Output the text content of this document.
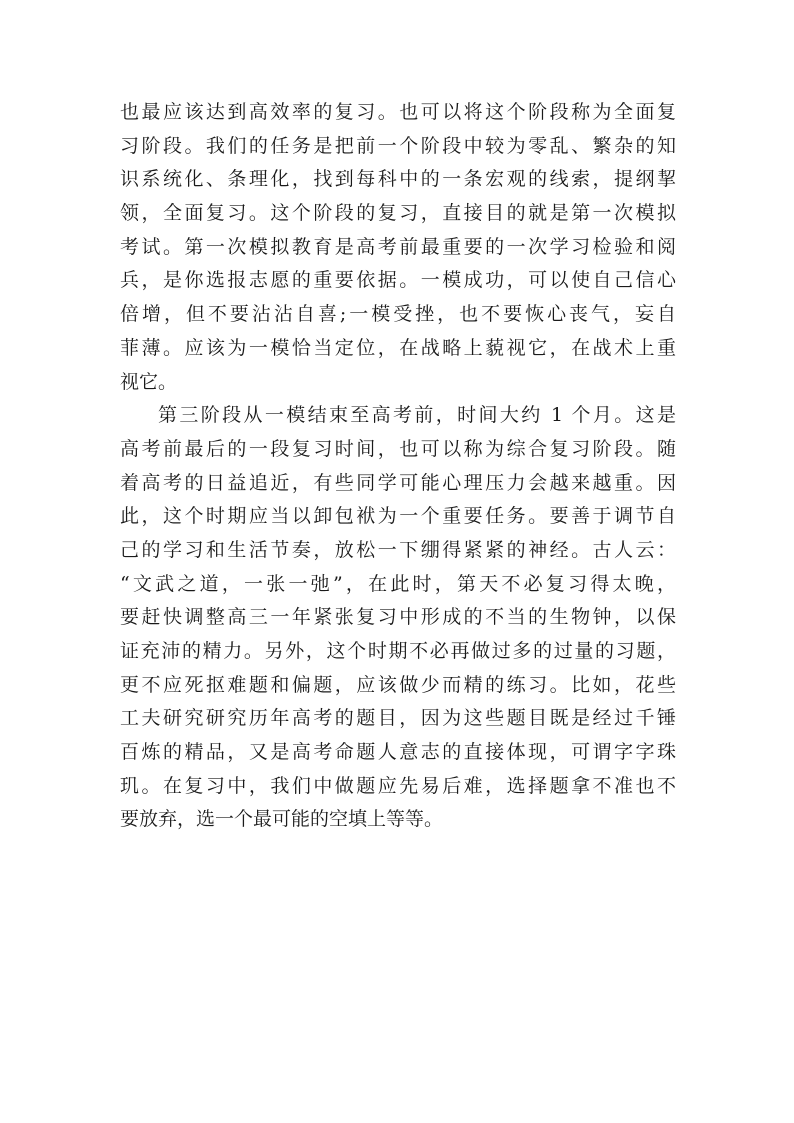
也最应该达到高效率的复习。也可以将这个阶段称为全面复
习阶段。我们的任务是把前一个阶段中较为零乱、繁杂的知
识系统化、条理化，找到每科中的一条宏观的线索，提纲挈
领，全面复习。这个阶段的复习，直接目的就是第一次模拟
考试。第一次模拟教育是高考前最重要的一次学习检验和阅
兵，是你选报志愿的重要依据。一模成功，可以使自己信心
倍增，但不要沾沾自喜;一模受挫，也不要恢心丧气，妄自
菲薄。应该为一模恰当定位，在战略上藐视它，在战术上重
视它。
第三阶段从一模结束至高考前，时间大约 1 个月。这是
高考前最后的一段复习时间，也可以称为综合复习阶段。随
着高考的日益追近，有些同学可能心理压力会越来越重。因
此，这个时期应当以卸包袱为一个重要任务。要善于调节自
己的学习和生活节奏，放松一下绷得紧紧的神经。古人云：
“文武之道，一张一弛”，在此时，第天不必复习得太晚，
要赶快调整高三一年紧张复习中形成的不当的生物钟，以保
证充沛的精力。另外，这个时期不必再做过多的过量的习题，
更不应死抠难题和偏题，应该做少而精的练习。比如，花些
工夫研究研究历年高考的题目，因为这些题目既是经过千锤
百炼的精品，又是高考命题人意志的直接体现，可谓字字珠
玑。在复习中，我们中做题应先易后难，选择题拿不准也不
要放弃，选一个最可能的空填上等等。
